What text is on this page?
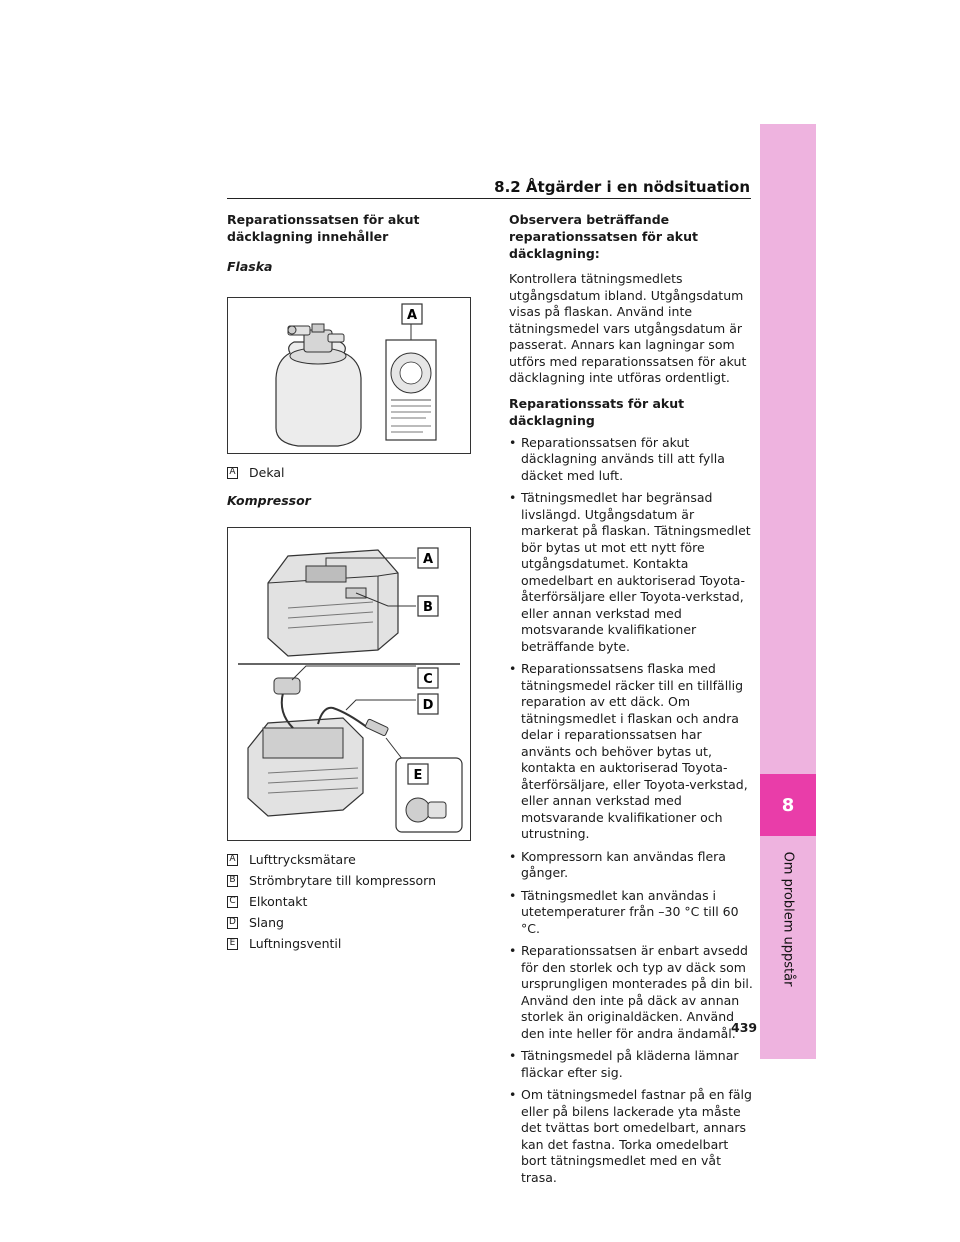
8.2 Åtgärder i en nödsituation
8
Om problem uppstår

Reparationssatsen för akut däcklagning innehåller

Flaska

A
A Dekal

Kompressor

A
B
C
D
E
A Lufttrycksmätare
B Strömbrytare till kompressorn
C Elkontakt
D Slang
E Luftningsventil

Observera beträffande reparationssatsen för akut däcklagning:

Kontrollera tätningsmedlets utgångsdatum ibland. Utgångsdatum visas på flaskan. Använd inte tätningsmedel vars utgångsdatum är passerat. Annars kan lagningar som utförs med reparationssatsen för akut däcklagning inte utföras ordentligt.

Reparationssats för akut däcklagning

• Reparationssatsen för akut däcklagning används till att fylla däcket med luft.
• Tätningsmedlet har begränsad livslängd. Utgångsdatum är markerat på flaskan. Tätningsmedlet bör bytas ut mot ett nytt före utgångsdatumet. Kontakta omedelbart en auktoriserad Toyota-återförsäljare eller Toyota-verkstad, eller annan verkstad med motsvarande kvalifikationer beträffande byte.
• Reparationssatsens flaska med tätningsmedel räcker till en tillfällig reparation av ett däck. Om tätningsmedlet i flaskan och andra delar i reparationssatsen har använts och behöver bytas ut, kontakta en auktoriserad Toyota-återförsäljare, eller Toyota-verkstad, eller annan verkstad med motsvarande kvalifikationer och utrustning.
• Kompressorn kan användas flera gånger.
• Tätningsmedlet kan användas i utetemperaturer från –30 °C till 60 °C.
• Reparationssatsen är enbart avsedd för den storlek och typ av däck som ursprungligen monterades på din bil. Använd den inte på däck av annan storlek än originaldäcken. Använd den inte heller för andra ändamål.
• Tätningsmedel på kläderna lämnar fläckar efter sig.
• Om tätningsmedel fastnar på en fälg eller på bilens lackerade yta måste det tvättas bort omedelbart, annars kan det fastna. Torka omedelbart bort tätningsmedlet med en våt trasa.
439
